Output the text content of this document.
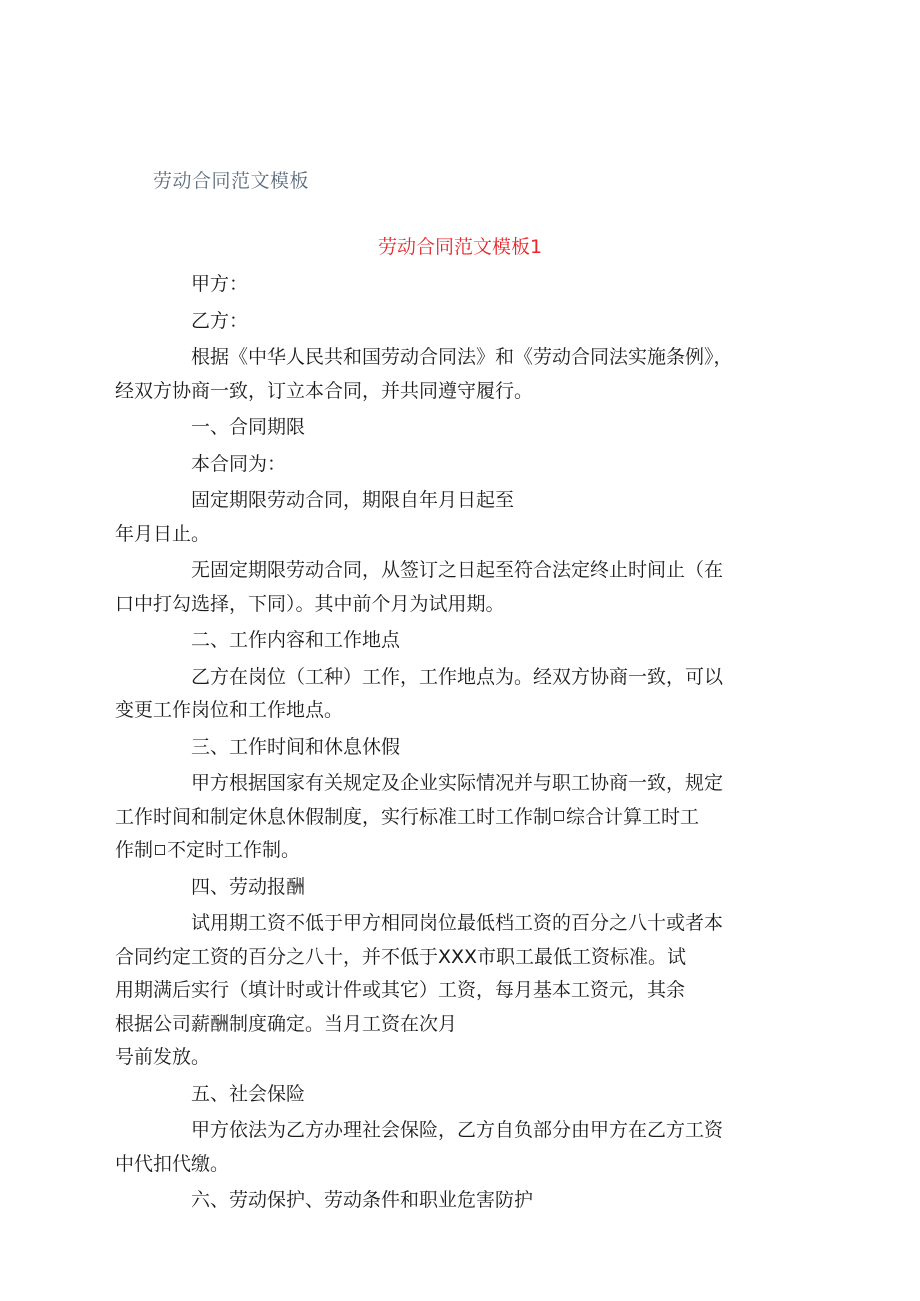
劳动合同范文模板
劳动合同范文模板1

甲方：

乙方：

根据《中华人民共和国劳动合同法》和《劳动合同法实施条例》，
经双方协商一致，订立本合同，并共同遵守履行。

一、合同期限

本合同为：

固定期限劳动合同，期限自年月日起至
年月日止。

无固定期限劳动合同，从签订之日起至符合法定终止时间止（在
口中打勾选择，下同）。其中前个月为试用期。

二、工作内容和工作地点

乙方在岗位（工种）工作，工作地点为。经双方协商一致，可以
变更工作岗位和工作地点。

三、工作时间和休息休假

甲方根据国家有关规定及企业实际情况并与职工协商一致，规定
工作时间和制定休息休假制度，实行标准工时工作制 综合计算工时工
作制 不定时工作制。

四、劳动报酬

试用期工资不低于甲方相同岗位最低档工资的百分之八十或者本
合同约定工资的百分之八十，并不低于XXX市职工最低工资标准。试
用期满后实行（填计时或计件或其它）工资，每月基本工资元，其余
根据公司薪酬制度确定。当月工资在次月
号前发放。

五、社会保险

甲方依法为乙方办理社会保险，乙方自负部分由甲方在乙方工资
中代扣代缴。

六、劳动保护、劳动条件和职业危害防护
